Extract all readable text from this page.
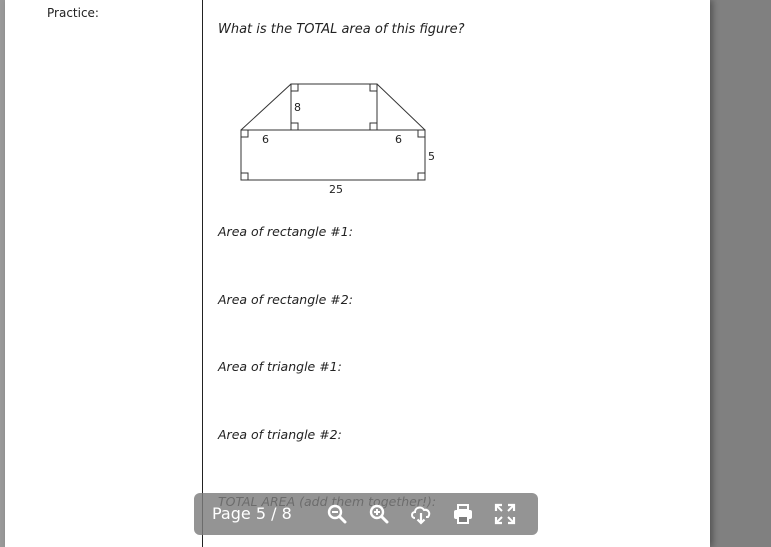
Practice:
What is the TOTAL area of this figure?
8
6	6
5
25
Area of rectangle #1:
Area of rectangle #2:
Area of triangle #1:
Area of triangle #2:
Page 5 / 8
